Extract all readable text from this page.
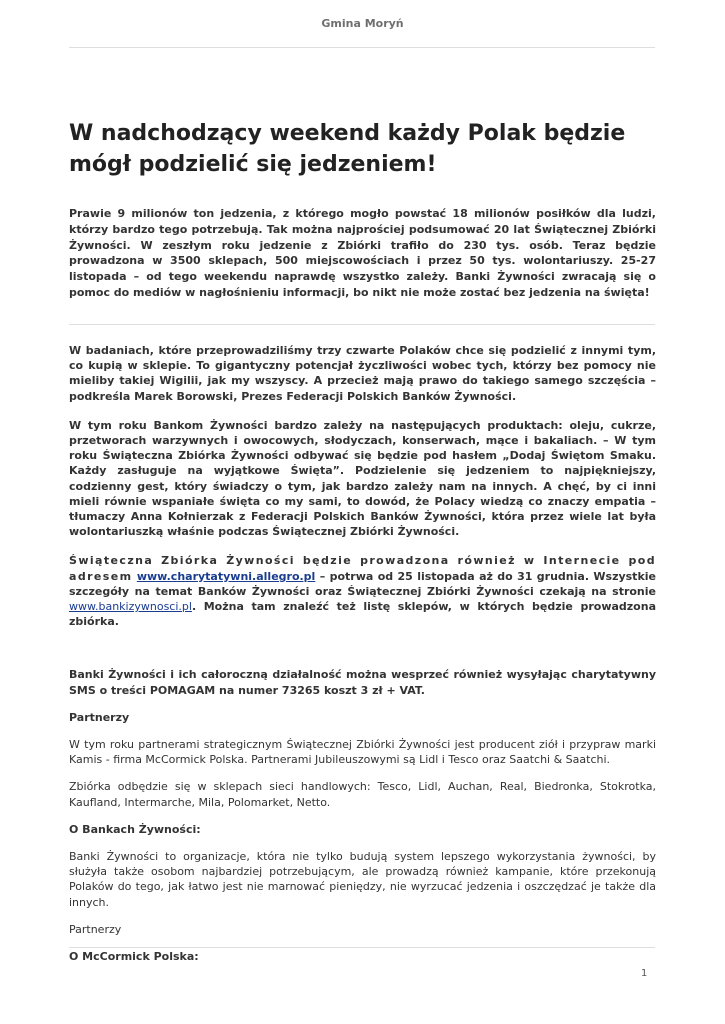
Gmina Moryń
W nadchodzący weekend każdy Polak będzie mógł podzielić się jedzeniem!

Prawie 9 milionów ton jedzenia, z którego mogło powstać 18 milionów posiłków dla ludzi, którzy bardzo tego potrzebują. Tak można najprościej podsumować 20 lat Świątecznej Zbiórki Żywności. W zeszłym roku jedzenie z Zbiórki trafiło do 230 tys. osób. Teraz będzie prowadzona w 3500 sklepach, 500 miejscowościach i przez 50 tys. wolontariuszy. 25-27 listopada – od tego weekendu naprawdę wszystko zależy. Banki Żywności zwracają się o pomoc do mediów w nagłośnieniu informacji, bo nikt nie może zostać bez jedzenia na święta!

W badaniach, które przeprowadziliśmy trzy czwarte Polaków chce się podzielić z innymi tym, co kupią w sklepie. To gigantyczny potencjał życzliwości wobec tych, którzy bez pomocy nie mieliby takiej Wigilii, jak my wszyscy. A przecież mają prawo do takiego samego szczęścia – podkreśla Marek Borowski, Prezes Federacji Polskich Banków Żywności.

W tym roku Bankom Żywności bardzo zależy na następujących produktach: oleju, cukrze, przetworach warzywnych i owocowych, słodyczach, konserwach, mące i bakaliach. – W tym roku Świąteczna Zbiórka Żywności odbywać się będzie pod hasłem „Dodaj Świętom Smaku. Każdy zasługuje na wyjątkowe Święta”. Podzielenie się jedzeniem to najpiękniejszy, codzienny gest, który świadczy o tym, jak bardzo zależy nam na innych. A chęć, by ci inni mieli równie wspaniałe święta co my sami, to dowód, że Polacy wiedzą co znaczy empatia – tłumaczy Anna Kołnierzak z Federacji Polskich Banków Żywności, która przez wiele lat była wolontariuszką właśnie podczas Świątecznej Zbiórki Żywności.

Świąteczna Zbiórka Żywności będzie prowadzona również w Internecie pod adresem www.charytatywni.allegro.pl – potrwa od 25 listopada aż do 31 grudnia. Wszystkie szczegóły na temat Banków Żywności oraz Świątecznej Zbiórki Żywności czekają na stronie www.bankizywnosci.pl. Można tam znaleźć też listę sklepów, w których będzie prowadzona zbiórka.

Banki Żywności i ich całoroczną działalność można wesprzeć również wysyłając charytatywny SMS o treści POMAGAM na numer 73265 koszt 3 zł + VAT.

Partnerzy

W tym roku partnerami strategicznym Świątecznej Zbiórki Żywności jest producent ziół i przypraw marki Kamis - firma McCormick Polska. Partnerami Jubileuszowymi są Lidl i Tesco oraz Saatchi & Saatchi.

Zbiórka odbędzie się w sklepach sieci handlowych: Tesco, Lidl, Auchan, Real, Biedronka, Stokrotka, Kaufland, Intermarche, Mila, Polomarket, Netto.

O Bankach Żywności:

Banki Żywności to organizacje, która nie tylko budują system lepszego wykorzystania żywności, by służyła także osobom najbardziej potrzebującym, ale prowadzą również kampanie, które przekonują Polaków do tego, jak łatwo jest nie marnować pieniędzy, nie wyrzucać jedzenia i oszczędzać je także dla innych.

Partnerzy

O McCormick Polska:

1
